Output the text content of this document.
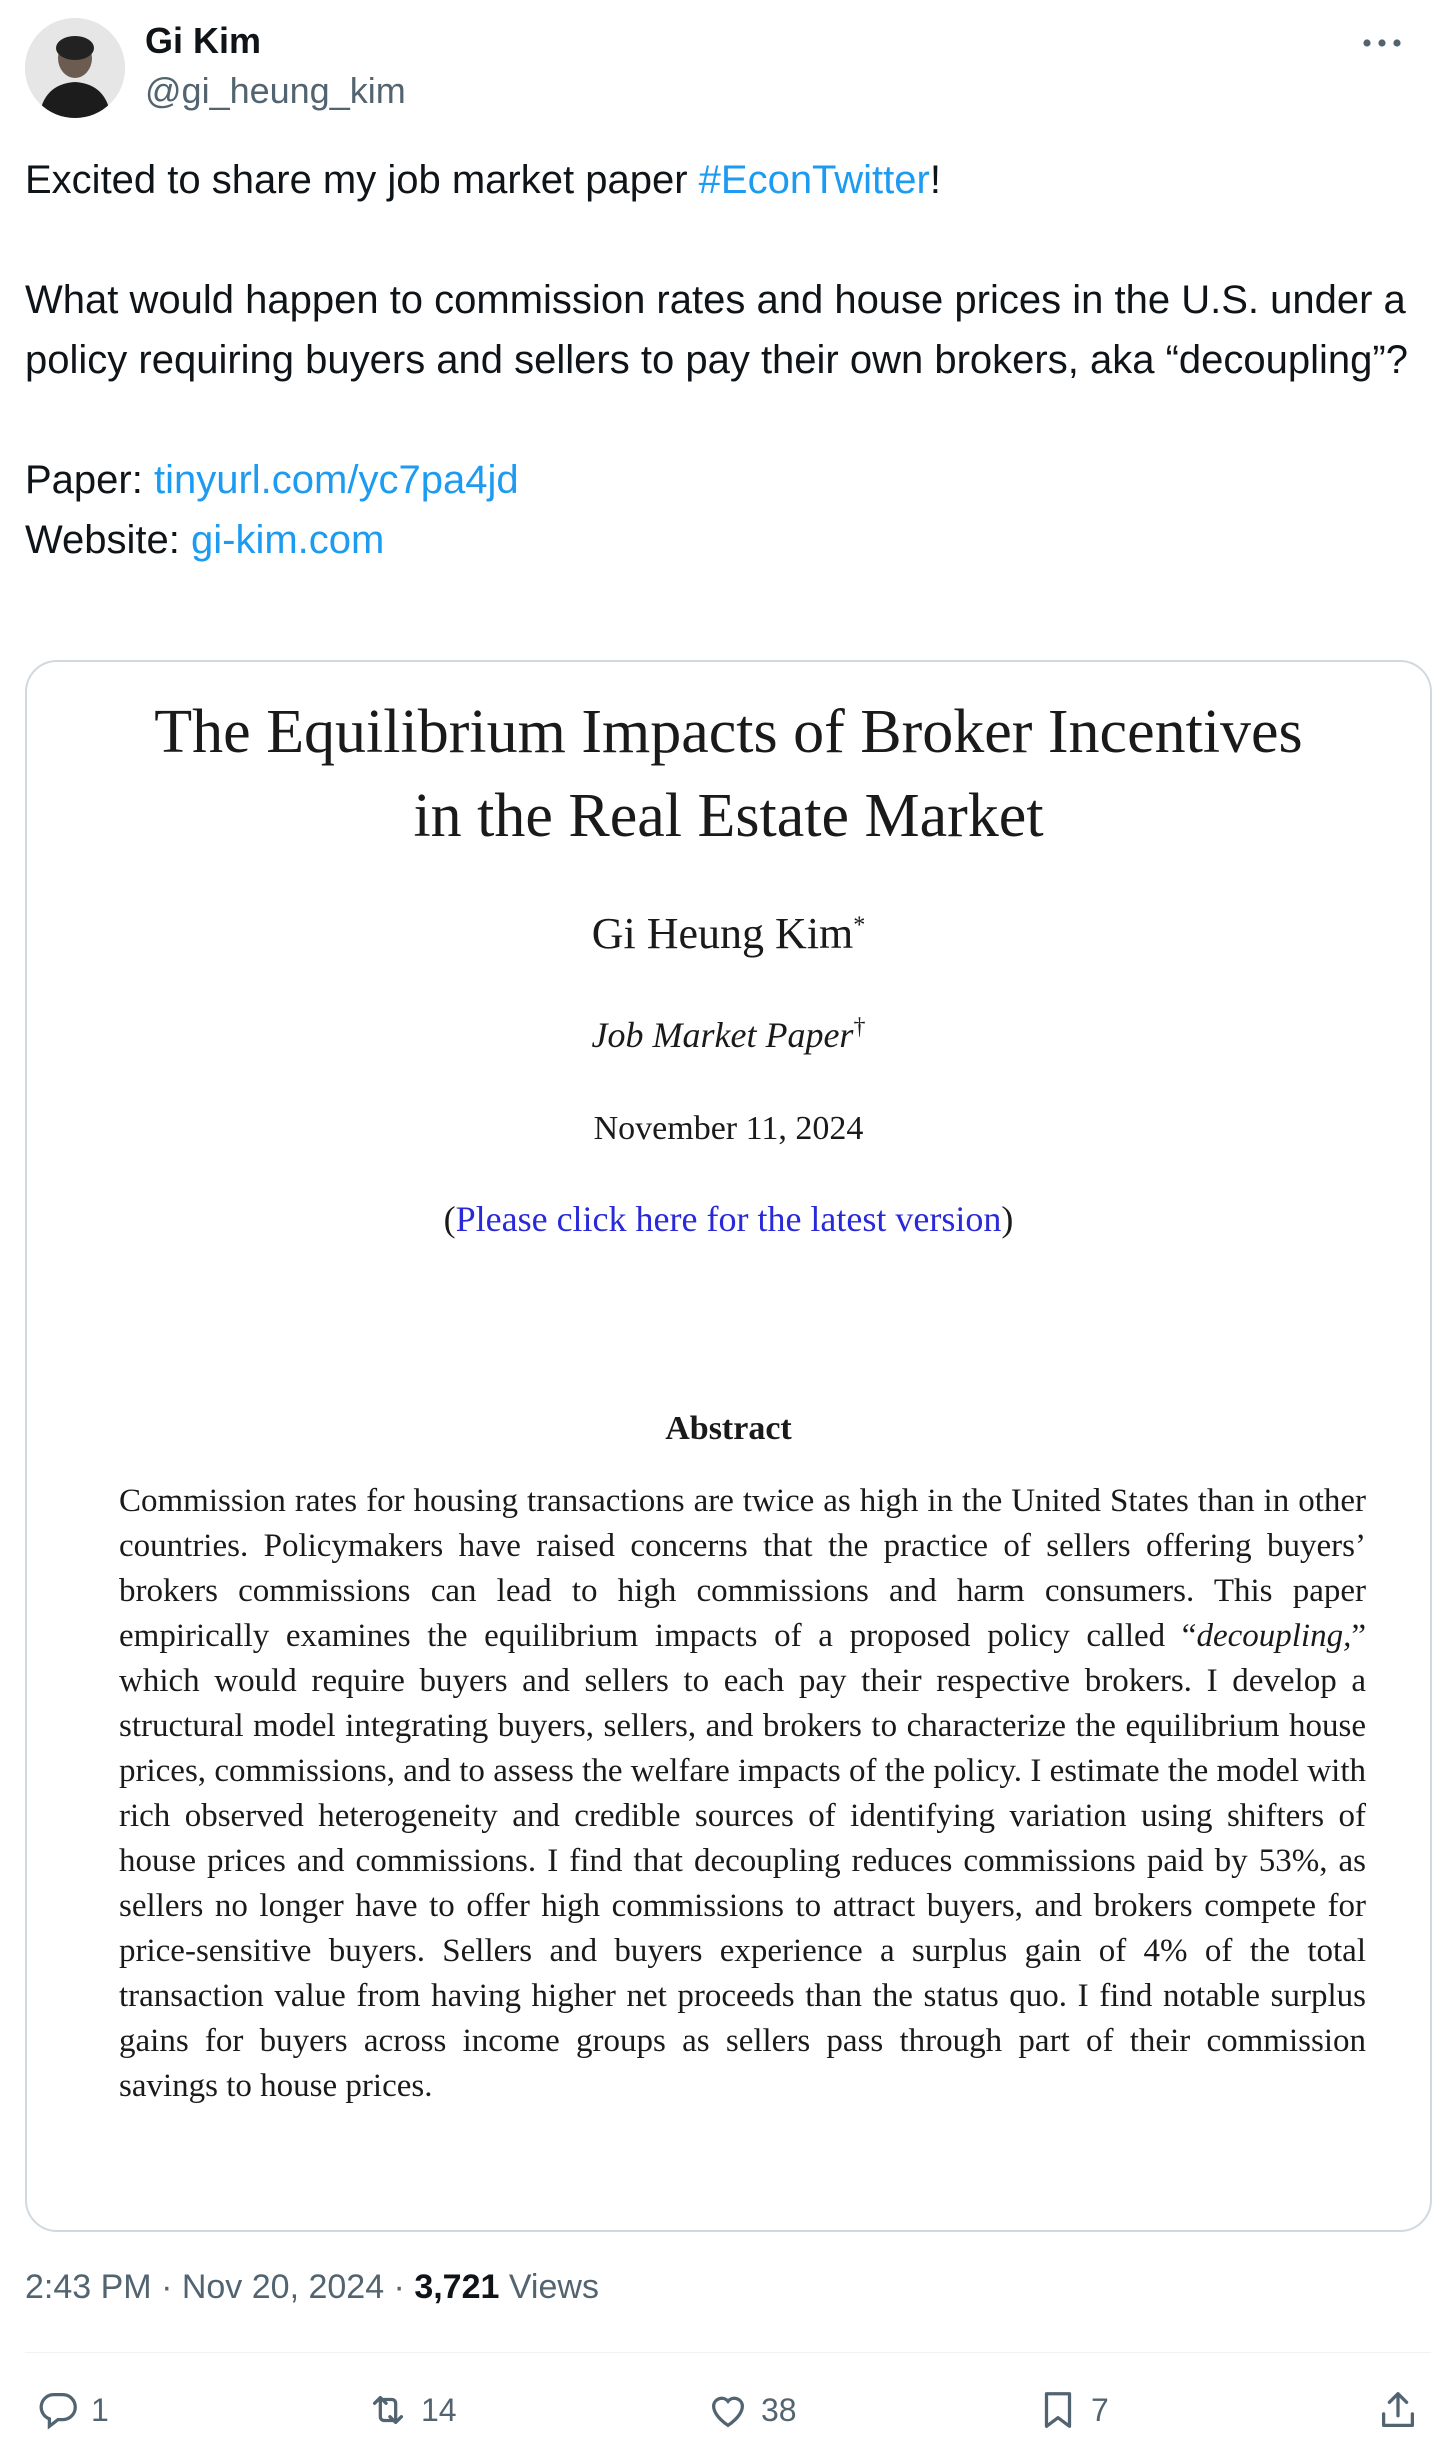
Gi Kim
@gi_heung_kim

Excited to share my job market paper #EconTwitter!

What would happen to commission rates and house prices in the U.S. under a policy requiring buyers and sellers to pay their own brokers, aka “decoupling”?

Paper: tinyurl.com/yc7pa4jd

Website: gi-kim.com

The Equilibrium Impacts of Broker Incentives
in the Real Estate Market
Gi Heung Kim*
Job Market Paper†
November 11, 2024
(Please click here for the latest version)
Abstract
Commission rates for housing transactions are twice as high in the United States than in other countries. Policymakers have raised concerns that the practice of sellers offering buyers’ brokers commissions can lead to high commissions and harm consumers. This paper empirically examines the equilibrium impacts of a proposed policy called “decoupling,” which would require buyers and sellers to each pay their respective brokers. I develop a structural model integrating buyers, sellers, and brokers to characterize the equilibrium house prices, commissions, and to assess the welfare impacts of the policy. I estimate the model with rich observed heterogeneity and credible sources of identifying variation using shifters of house prices and commissions. I find that decoupling reduces commissions paid by 53%, as sellers no longer have to offer high commissions to attract buyers, and brokers compete for price-sensitive buyers. Sellers and buyers experience a surplus gain of 4% of the total transaction value from having higher net proceeds than the status quo. I find notable surplus gains for buyers across income groups as sellers pass through part of their commission savings to house prices.
2:43 PM · Nov 20, 2024 · 3,721 Views
1	14	38	7
